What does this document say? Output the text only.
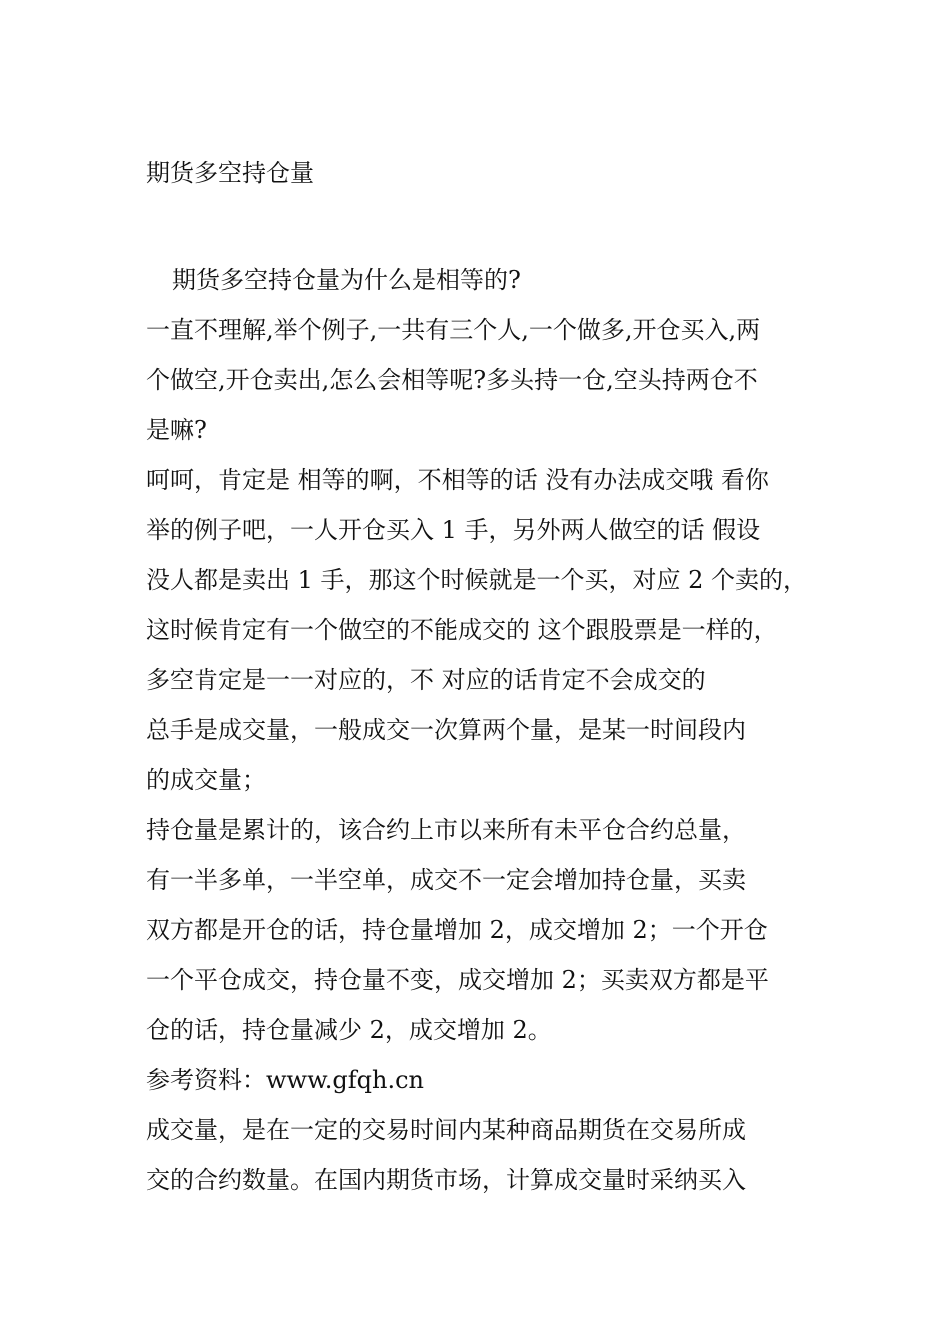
期货多空持仓量
期货多空持仓量为什么是相等的?
一直不理解,举个例子,一共有三个人,一个做多,开仓买入,两
个做空,开仓卖出,怎么会相等呢?多头持一仓,空头持两仓不
是嘛?
呵呵，肯定是 相等的啊，不相等的话 没有办法成交哦 看你
举的例子吧，一人开仓买入 1 手，另外两人做空的话 假设
没人都是卖出 1 手，那这个时候就是一个买，对应 2 个卖的，
这时候肯定有一个做空的不能成交的 这个跟股票是一样的，
多空肯定是一一对应的，不 对应的话肯定不会成交的
总手是成交量，一般成交一次算两个量，是某一时间段内
的成交量；
持仓量是累计的，该合约上市以来所有未平仓合约总量，
有一半多单，一半空单，成交不一定会增加持仓量，买卖
双方都是开仓的话，持仓量增加 2，成交增加 2；一个开仓
一个平仓成交，持仓量不变，成交增加 2；买卖双方都是平
仓的话，持仓量减少 2，成交增加 2。
参考资料：www.gfqh.cn
成交量，是在一定的交易时间内某种商品期货在交易所成
交的合约数量。在国内期货市场，计算成交量时采纳买入
